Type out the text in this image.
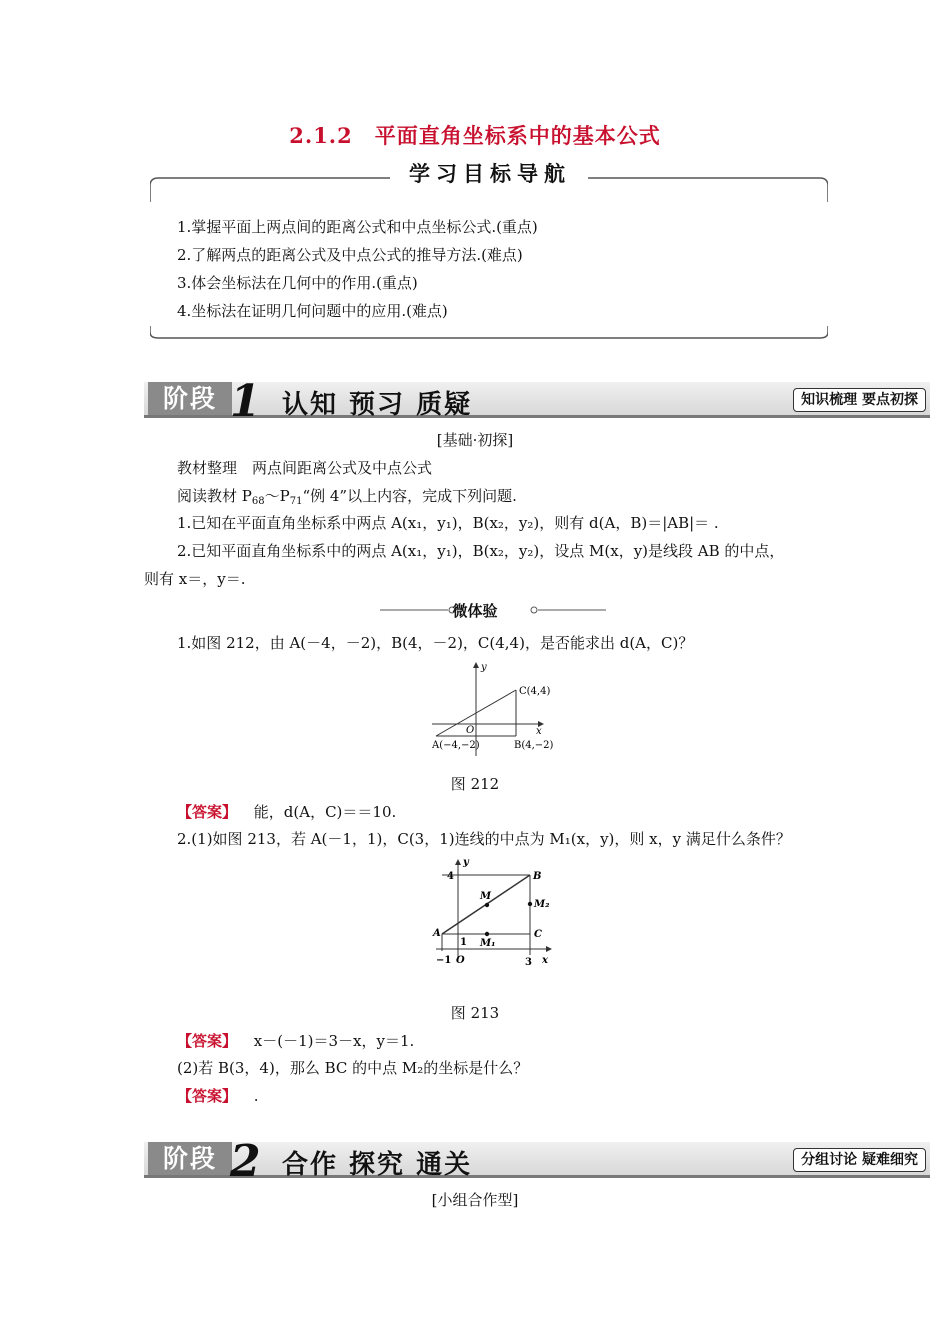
2.1.2　平面直角坐标系中的基本公式
学习目标导航
1.掌握平面上两点间的距离公式和中点坐标公式.(重点)
2.了解两点的距离公式及中点公式的推导方法.(难点)
3.体会坐标法在几何中的作用.(重点)
4.坐标法在证明几何问题中的应用.(难点)
阶段 1 认知 预习 质疑	知识梳理 要点初探
[基础·初探]
教材整理　两点间距离公式及中点公式
阅读教材 $P_{68}\sim P_{71}“$例 4”以上内容，完成下列问题.
1.已知在平面直角坐标系中两点 A(x₁，y₁)，B(x₂，y₂)，则有 d(A，B)＝|AB|＝ .
2.已知平面直角坐标系中的两点 A(x₁，y₁)，B(x₂，y₂)，设点 M(x，y)是线段 AB 的中点，
则有 x＝，y＝.
微体验
1.如图 212，由 A(－4，－2)，B(4，－2)，C(4,4)，是否能求出 d(A，C)？
y
x
O
C(4,4)
A(−4,−2)	B(4,−2)
图 212
【答案】 能，d(A，C)＝＝10.
2.(1)如图 213，若 A(－1，1)，C(3，1)连线的中点为 M₁(x，y)，则 x，y 满足什么条件？
y
x
4
1
−1 O	3
A
B
C
M
M₁
M₂
图 213
【答案】 x－(－1)＝3－x，y＝1.
(2)若 B(3，4)，那么 BC 的中点 M₂的坐标是什么？
【答案】 .
阶段 2 合作 探究 通关	分组讨论 疑难细究
[小组合作型]
